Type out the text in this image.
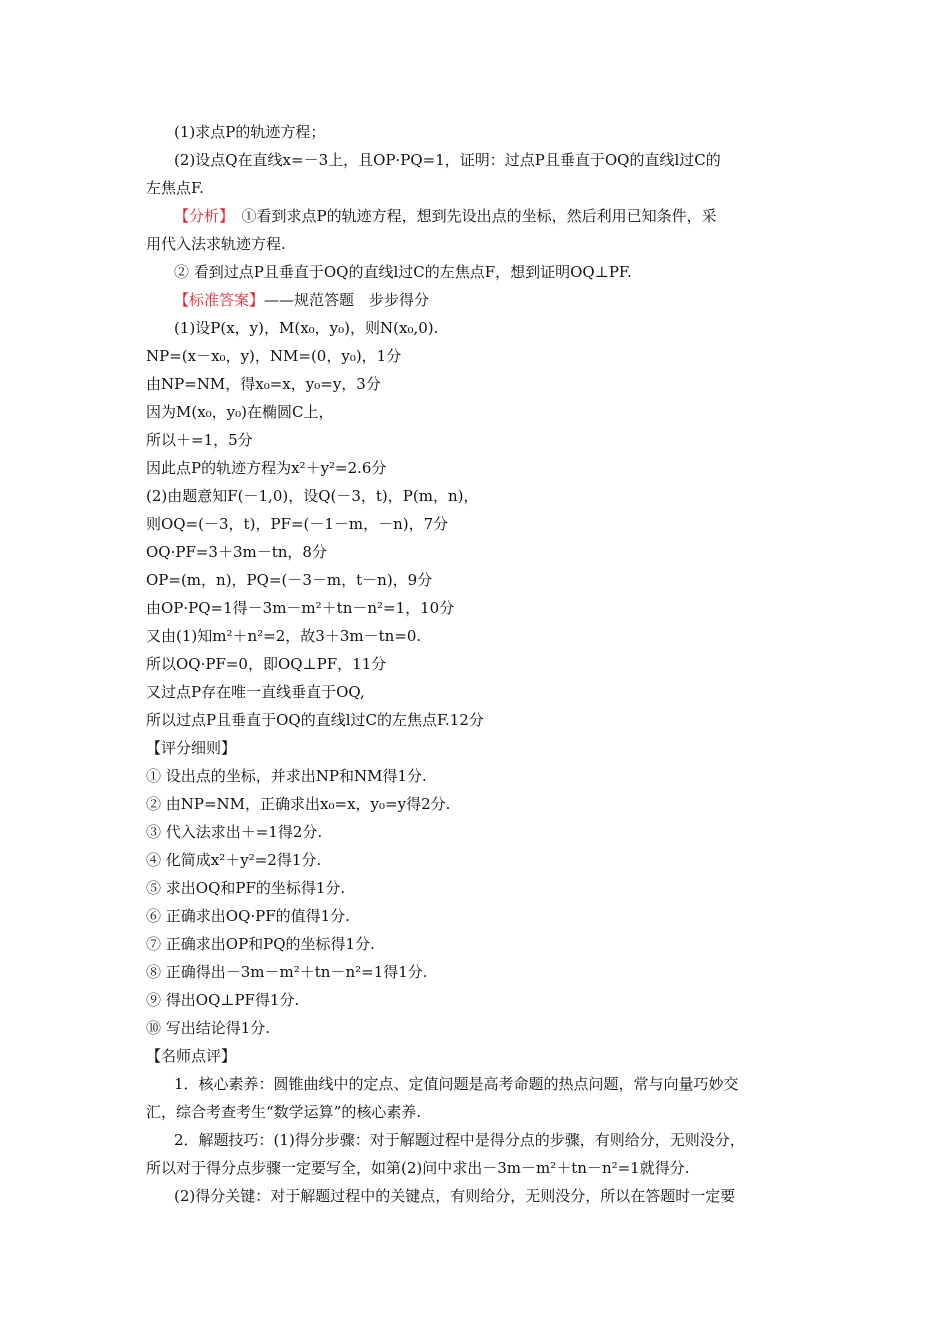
(1)求点P的轨迹方程；
(2)设点Q在直线x=－3上，且OP·PQ=1，证明：过点P且垂直于OQ的直线l过C的
左焦点F.
【分析】　 ①看到求点P的轨迹方程，想到先设出点的坐标，然后利用已知条件，采
用代入法求轨迹方程.
② 看到过点P且垂直于OQ的直线l过C的左焦点F，想到证明OQ⊥PF.
【标准答案】——规范答题　步步得分
(1)设P(x，y)，M(x₀，y₀)，则N(x₀,0).
NP=(x－x₀，y)，NM=(0，y₀)，1分
由NP=NM，得x₀=x，y₀=y，3分
因为M(x₀，y₀)在椭圆C上，
所以＋=1，5分
因此点P的轨迹方程为x²＋y²=2.6分
(2)由题意知F(－1,0)，设Q(－3，t)，P(m，n)，
则OQ=(－3，t)，PF=(－1－m，－n)，7分
OQ·PF=3＋3m－tn，8分
OP=(m，n)，PQ=(－3－m，t－n)，9分
由OP·PQ=1得－3m－m²＋tn－n²=1，10分
又由(1)知m²＋n²=2，故3＋3m－tn=0.
所以OQ·PF=0，即OQ⊥PF，11分
又过点P存在唯一直线垂直于OQ,
所以过点P且垂直于OQ的直线l过C的左焦点F.12分
【评分细则】
① 设出点的坐标，并求出NP和NM得1分.
② 由NP=NM，正确求出x₀=x，y₀=y得2分.
③ 代入法求出＋=1得2分.
④ 化简成x²＋y²=2得1分.
⑤ 求出OQ和PF的坐标得1分.
⑥ 正确求出OQ·PF的值得1分.
⑦ 正确求出OP和PQ的坐标得1分.
⑧ 正确得出－3m－m²＋tn－n²=1得1分.
⑨ 得出OQ⊥PF得1分.
⑩ 写出结论得1分.
【名师点评】
1．核心素养：圆锥曲线中的定点、定值问题是高考命题的热点问题，常与向量巧妙交
汇，综合考查考生“数学运算”的核心素养.
2．解题技巧：(1)得分步骤：对于解题过程中是得分点的步骤，有则给分，无则没分，
所以对于得分点步骤一定要写全，如第(2)问中求出－3m－m²＋tn－n²=1就得分.
(2)得分关键：对于解题过程中的关键点，有则给分，无则没分，所以在答题时一定要
